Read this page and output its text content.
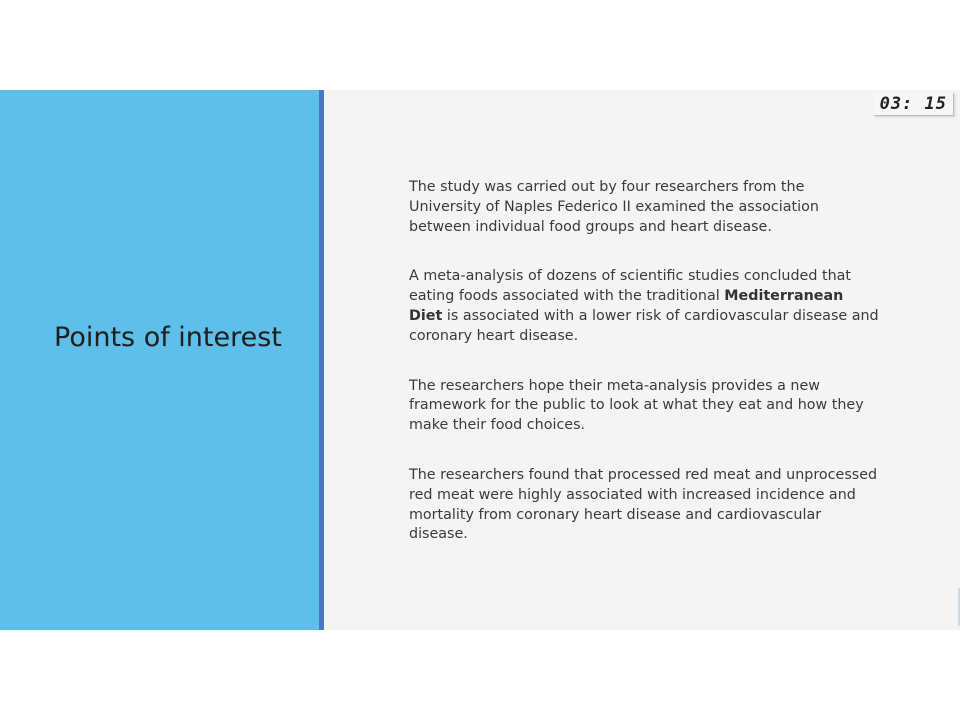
Points of interest
03: 15

The study was carried out by four researchers from the University of Naples Federico II examined the association between individual food groups and heart disease.

A meta-analysis of dozens of scientific studies concluded that eating foods associated with the traditional Mediterranean Diet is associated with a lower risk of cardiovascular disease and coronary heart disease.

The researchers hope their meta-analysis provides a new framework for the public to look at what they eat and how they make their food choices.

The researchers found that processed red meat and unprocessed red meat were highly associated with increased incidence and mortality from coronary heart disease and cardiovascular disease.
